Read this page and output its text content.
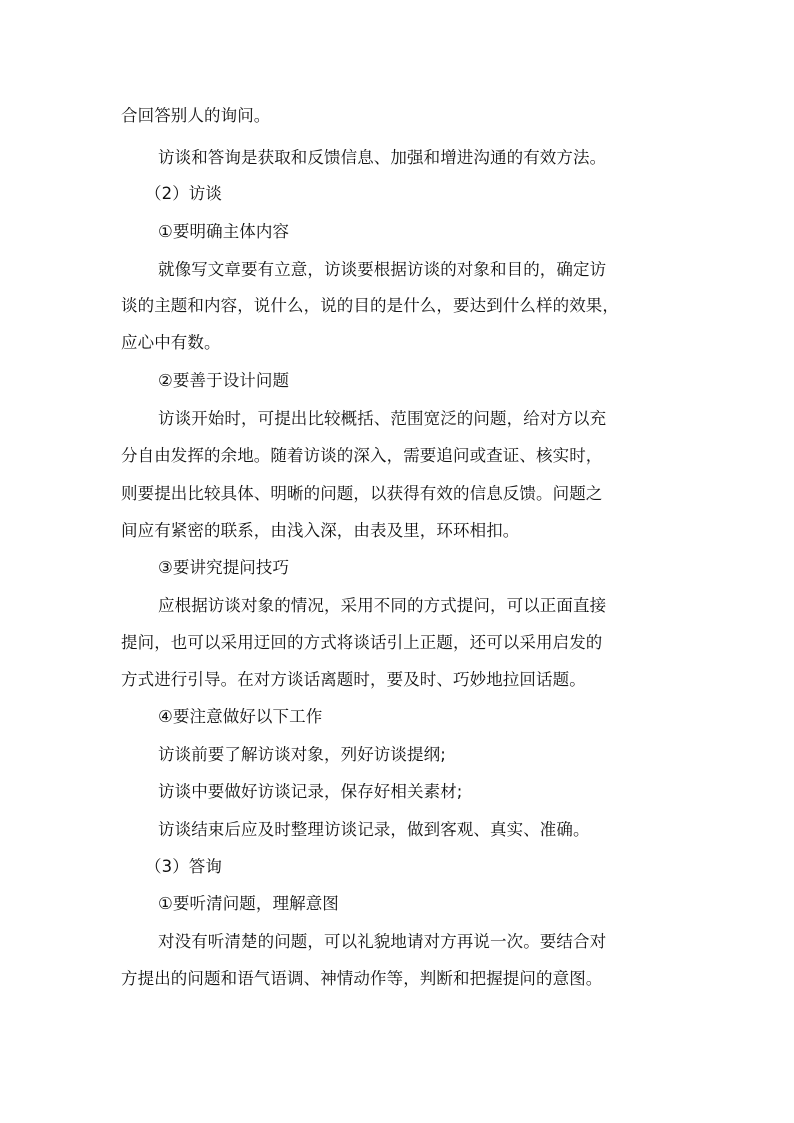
合回答别人的询问。
访谈和答询是获取和反馈信息、加强和增进沟通的有效方法。
（2）访谈
①要明确主体内容
就像写文章要有立意，访谈要根据访谈的对象和目的，确定访
谈的主题和内容，说什么，说的目的是什么，要达到什么样的效果，
应心中有数。
②要善于设计问题
访谈开始时，可提出比较概括、范围宽泛的问题，给对方以充
分自由发挥的余地。随着访谈的深入，需要追问或查证、核实时，
则要提出比较具体、明晰的问题，以获得有效的信息反馈。问题之
间应有紧密的联系，由浅入深，由表及里，环环相扣。
③要讲究提问技巧
应根据访谈对象的情况，采用不同的方式提问，可以正面直接
提问，也可以采用迂回的方式将谈话引上正题，还可以采用启发的
方式进行引导。在对方谈话离题时，要及时、巧妙地拉回话题。
④要注意做好以下工作
访谈前要了解访谈对象，列好访谈提纲;
访谈中要做好访谈记录，保存好相关素材;
访谈结束后应及时整理访谈记录，做到客观、真实、准确。
（3）答询
①要听清问题，理解意图
对没有听清楚的问题，可以礼貌地请对方再说一次。要结合对
方提出的问题和语气语调、神情动作等，判断和把握提问的意图。
